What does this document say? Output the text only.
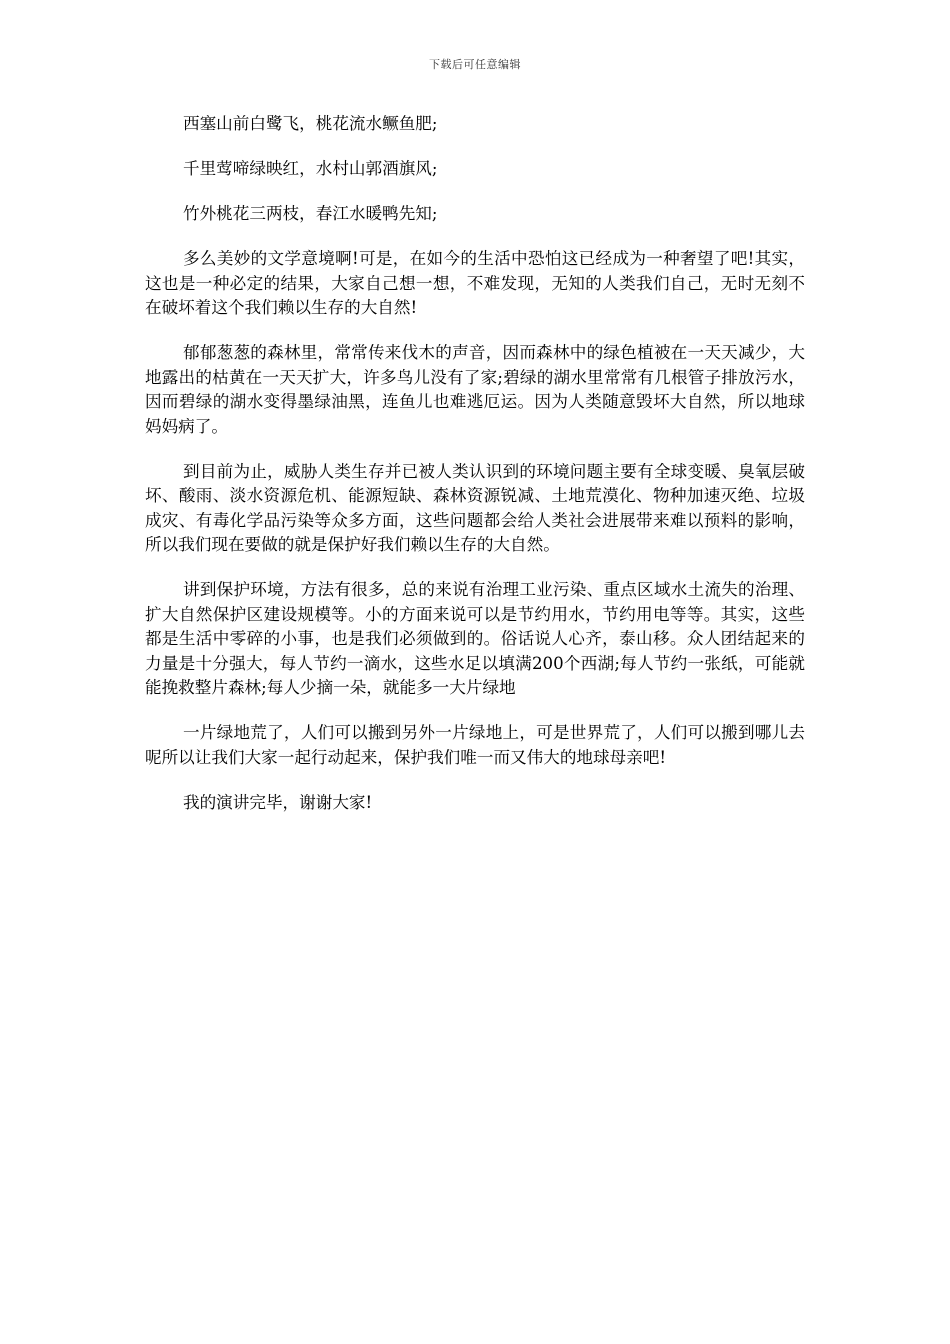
下载后可任意编辑

西塞山前白鹭飞，桃花流水鳜鱼肥;

千里莺啼绿映红，水村山郭酒旗风;

竹外桃花三两枝，春江水暖鸭先知;

多么美妙的文学意境啊!可是，在如今的生活中恐怕这已经成为一种奢望了吧!其实，这也是一种必定的结果，大家自己想一想，不难发现，无知的人类我们自己，无时无刻不在破坏着这个我们赖以生存的大自然!

郁郁葱葱的森林里，常常传来伐木的声音，因而森林中的绿色植被在一天天减少，大地露出的枯黄在一天天扩大，许多鸟儿没有了家;碧绿的湖水里常常有几根管子排放污水，因而碧绿的湖水变得墨绿油黑，连鱼儿也难逃厄运。因为人类随意毁坏大自然，所以地球妈妈病了。

到目前为止，威胁人类生存并已被人类认识到的环境问题主要有全球变暖、臭氧层破坏、酸雨、淡水资源危机、能源短缺、森林资源锐减、土地荒漠化、物种加速灭绝、垃圾成灾、有毒化学品污染等众多方面，这些问题都会给人类社会进展带来难以预料的影响，所以我们现在要做的就是保护好我们赖以生存的大自然。

讲到保护环境，方法有很多，总的来说有治理工业污染、重点区域水土流失的治理、扩大自然保护区建设规模等。小的方面来说可以是节约用水，节约用电等等。其实，这些都是生活中零碎的小事，也是我们必须做到的。俗话说人心齐，泰山移。众人团结起来的力量是十分强大，每人节约一滴水，这些水足以填满200个西湖;每人节约一张纸，可能就能挽救整片森林;每人少摘一朵，就能多一大片绿地

一片绿地荒了，人们可以搬到另外一片绿地上，可是世界荒了，人们可以搬到哪儿去呢所以让我们大家一起行动起来，保护我们唯一而又伟大的地球母亲吧!

我的演讲完毕，谢谢大家!
